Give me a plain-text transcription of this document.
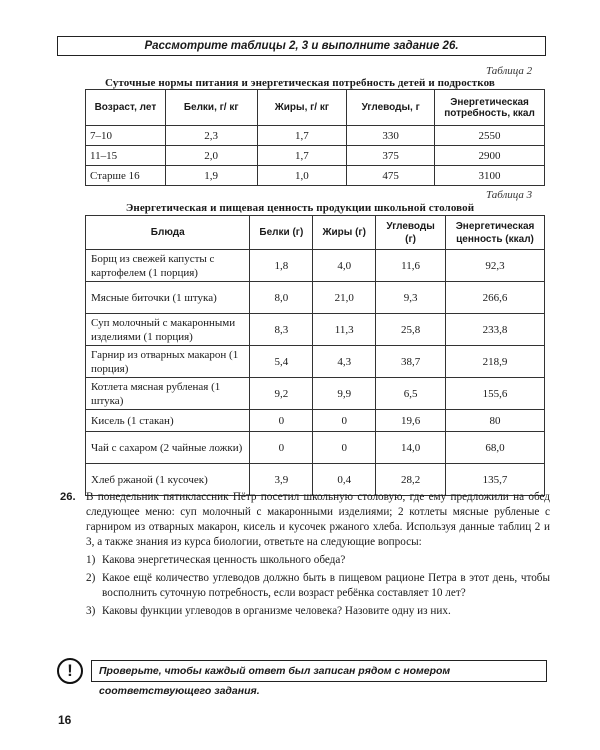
Рассмотрите таблицы 2, 3 и выполните задание 26.
Таблица 2
Суточные нормы питания и энергетическая потребность детей и подростков
Возраст, лет	Белки, г/ кг	Жиры, г/ кг	Углеводы, г	Энергетическая потребность, ккал
7–10	2,3	1,7	330	2550
11–15	2,0	1,7	375	2900
Старше 16	1,9	1,0	475	3100
Таблица 3
Энергетическая и пищевая ценность продукции школьной столовой
Блюда	Белки (г)	Жиры (г)	Углеводы (г)	Энергетическая ценность (ккал)
Борщ из свежей капусты с картофелем (1 порция)	1,8	4,0	11,6	92,3
Мясные биточки (1 штука)	8,0	21,0	9,3	266,6
Суп молочный с макаронными изделиями (1 порция)	8,3	11,3	25,8	233,8
Гарнир из отварных макарон (1 порция)	5,4	4,3	38,7	218,9
Котлета мясная рубленая (1 штука)	9,2	9,9	6,5	155,6
Кисель (1 стакан)	0	0	19,6	80
Чай с сахаром (2 чайные ложки)	0	0	14,0	68,0
Хлеб ржаной (1 кусочек)	3,9	0,4	28,2	135,7
26. В понедельник пятиклассник Пётр посетил школьную столовую, где ему предложили на обед следующее меню: суп молочный с макаронными изделиями; 2 котлеты мясные рубленые с гарниром из отварных макарон, кисель и кусочек ржаного хлеба. Используя данные таблиц 2 и 3, а также знания из курса биологии, ответьте на следующие вопросы:
1) Какова энергетическая ценность школьного обеда?
2) Какое ещё количество углеводов должно быть в пищевом рационе Петра в этот день, чтобы восполнить суточную потребность, если возраст ребёнка составляет 10 лет?
3) Каковы функции углеводов в организме человека? Назовите одну из них.
!	Проверьте, чтобы каждый ответ был записан рядом с номером соответствующего задания.
16
